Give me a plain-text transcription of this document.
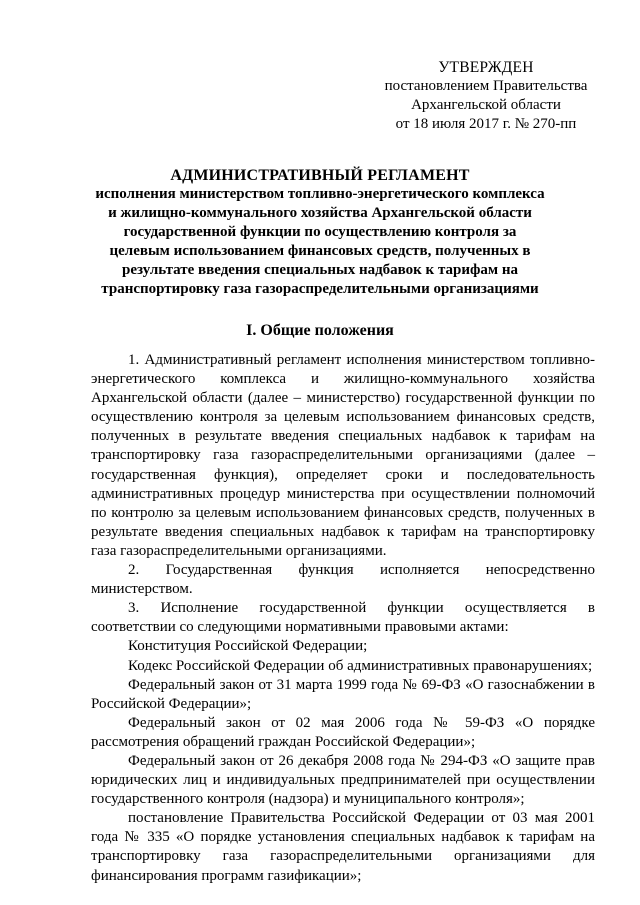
УТВЕРЖДЕН
постановлением Правительства
Архангельской области
от 18 июля 2017 г. № 270-пп
АДМИНИСТРАТИВНЫЙ РЕГЛАМЕНТ
исполнения министерством топливно-энергетического комплекса и жилищно-коммунального хозяйства Архангельской области государственной функции по осуществлению контроля за целевым использованием финансовых средств, полученных в результате введения специальных надбавок к тарифам на транспортировку газа газораспределительными организациями
I. Общие положения

1. Административный регламент исполнения министерством топливно-энергетического комплекса и жилищно-коммунального хозяйства Архангельской области (далее – министерство) государственной функции по осуществлению контроля за целевым использованием финансовых средств, полученных в результате введения специальных надбавок к тарифам на транспортировку газа газораспределительными организациями (далее – государственная функция), определяет сроки и последовательность административных процедур министерства при осуществлении полномочий по контролю за целевым использованием финансовых средств, полученных в результате введения специальных надбавок к тарифам на транспортировку газа газораспределительными организациями.

2. Государственная функция исполняется непосредственно министерством.

3. Исполнение государственной функции осуществляется в соответствии со следующими нормативными правовыми актами:

Конституция Российской Федерации;

Кодекс Российской Федерации об административных правонарушениях;

Федеральный закон от 31 марта 1999 года № 69-ФЗ «О газоснабжении в Российской Федерации»;

Федеральный закон от 02 мая 2006 года № 59-ФЗ «О порядке рассмотрения обращений граждан Российской Федерации»;

Федеральный закон от 26 декабря 2008 года № 294-ФЗ «О защите прав юридических лиц и индивидуальных предпринимателей при осуществлении государственного контроля (надзора) и муниципального контроля»;

постановление Правительства Российской Федерации от 03 мая 2001 года № 335 «О порядке установления специальных надбавок к тарифам на транспортировку газа газораспределительными организациями для финансирования программ газификации»;
